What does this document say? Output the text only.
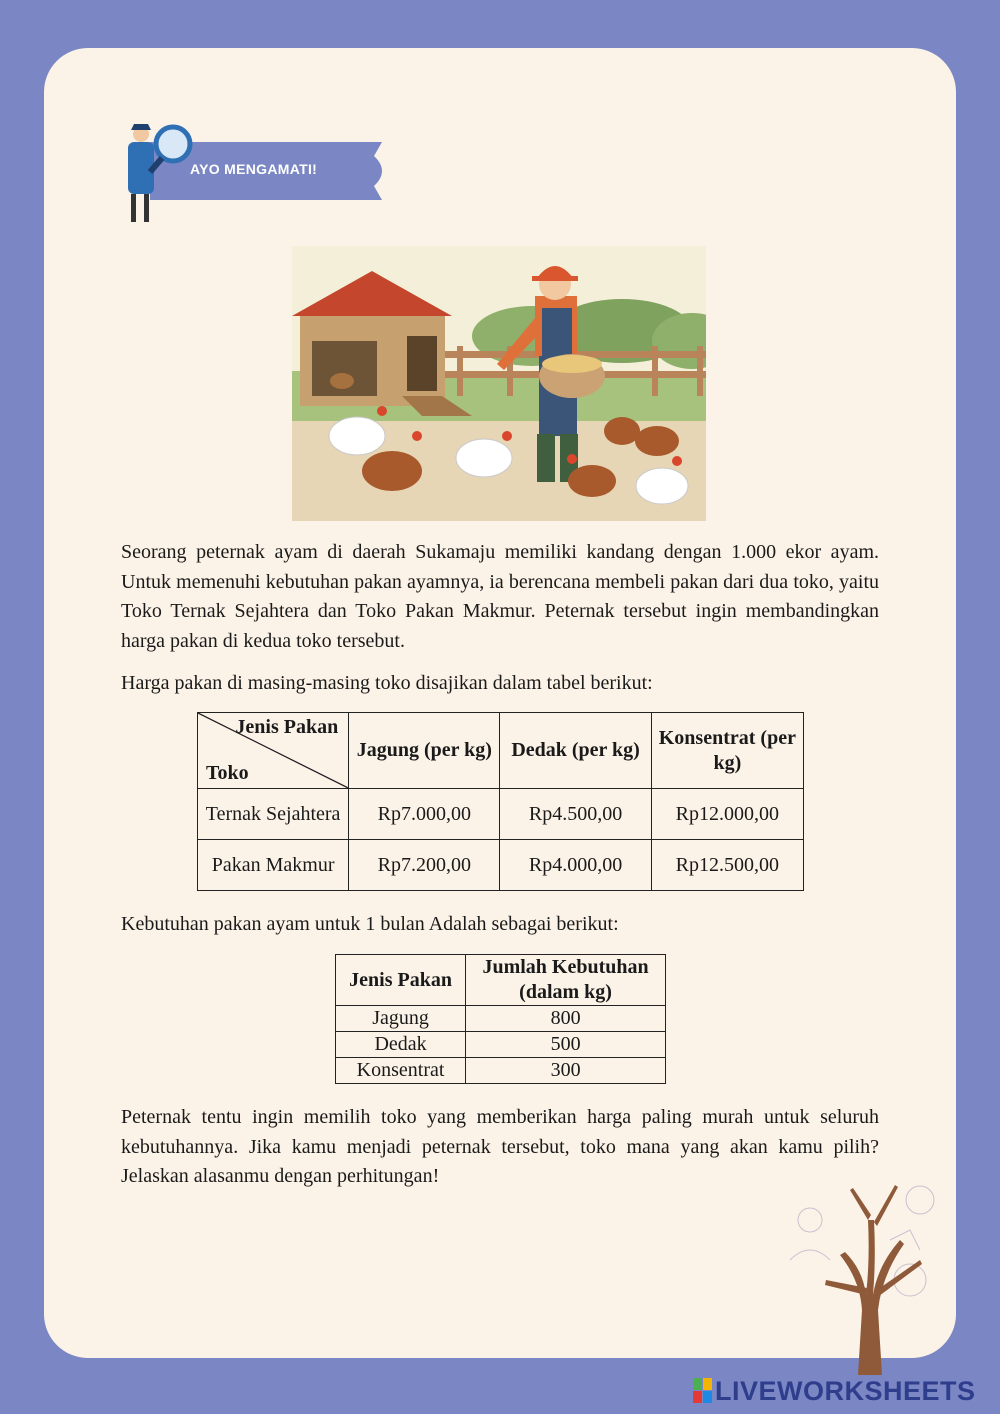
AYO MENGAMATI!

Seorang peternak ayam di daerah Sukamaju memiliki kandang dengan 1.000 ekor ayam. Untuk memenuhi kebutuhan pakan ayamnya, ia berencana membeli pakan dari dua toko, yaitu Toko Ternak Sejahtera dan Toko Pakan Makmur. Peternak tersebut ingin membandingkan harga pakan di kedua toko tersebut.

Harga pakan di masing-masing toko disajikan dalam tabel berikut:

Jenis Pakan
Toko	Jagung (per kg)	Dedak (per kg)	Konsentrat (per kg)
Ternak Sejahtera	Rp7.000,00	Rp4.500,00	Rp12.000,00
Pakan Makmur	Rp7.200,00	Rp4.000,00	Rp12.500,00

Kebutuhan pakan ayam untuk 1 bulan Adalah sebagai berikut:

Jenis Pakan	Jumlah Kebutuhan (dalam kg)
Jagung	800
Dedak	500
Konsentrat	300

Peternak tentu ingin memilih toko yang memberikan harga paling murah untuk seluruh kebutuhannya. Jika kamu menjadi peternak tersebut, toko mana yang akan kamu pilih? Jelaskan alasanmu dengan perhitungan!

LIVEWORKSHEETS
